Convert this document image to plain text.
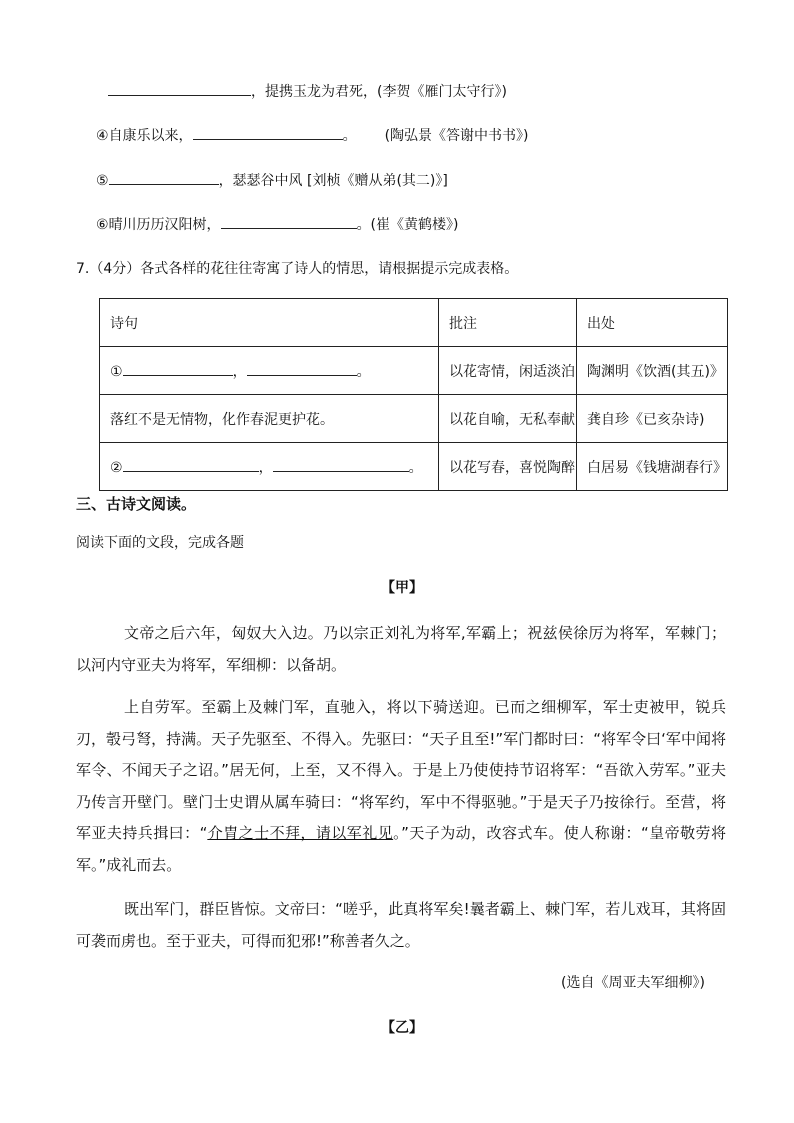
，提携玉龙为君死，(李贺《雁门太守行》)
④自康乐以来，	。 (陶弘景《答谢中书书》)
⑤	，瑟瑟谷中风 [刘桢《赠从弟(其二)》]
⑥晴川历历汉阳树，	。(崔《黄鹤楼》)
7.（4分）各式各样的花往往寄寓了诗人的情思，请根据提示完成表格。
诗句	批注	出处
① ， 。	以花寄情，闲适淡泊	陶渊明《饮酒(其五)》
落红不是无情物，化作春泥更护花。	以花自喻，无私奉献	龚自珍《已亥杂诗)
② ， 。	以花写春，喜悦陶醉	白居易《钱塘湖春行》
三、古诗文阅读。
阅读下面的文段，完成各题
【甲】
文帝之后六年，匈奴大入边。乃以宗正刘礼为将军,军霸上；祝兹侯徐厉为将军，军棘门；以河内守亚夫为将军，军细柳：以备胡。
上自劳军。至霸上及棘门军，直驰入，将以下骑送迎。已而之细柳军，军士吏被甲，锐兵刃，彀弓弩，持满。天子先驱至、不得入。先驱曰：“天子且至!”军门都时曰：“将军令曰‘军中闻将军令、不闻天子之诏。”居无何，上至，又不得入。于是上乃使使持节诏将军：“吾欲入劳军。”亚夫乃传言开壁门。壁门士史谓从属车骑曰：“将军约，军中不得驱驰。”于是天子乃按徐行。至营，将军亚夫持兵揖曰：“介胄之士不拜，请以军礼见。”天子为动，改容式车。使人称谢：“皇帝敬劳将军。”成礼而去。
既出军门，群臣皆惊。文帝曰：“嗟乎，此真将军矣!曩者霸上、棘门军，若儿戏耳，其将固可袭而虏也。至于亚夫，可得而犯邪!”称善者久之。
(选自《周亚夫军细柳》)
【乙】
